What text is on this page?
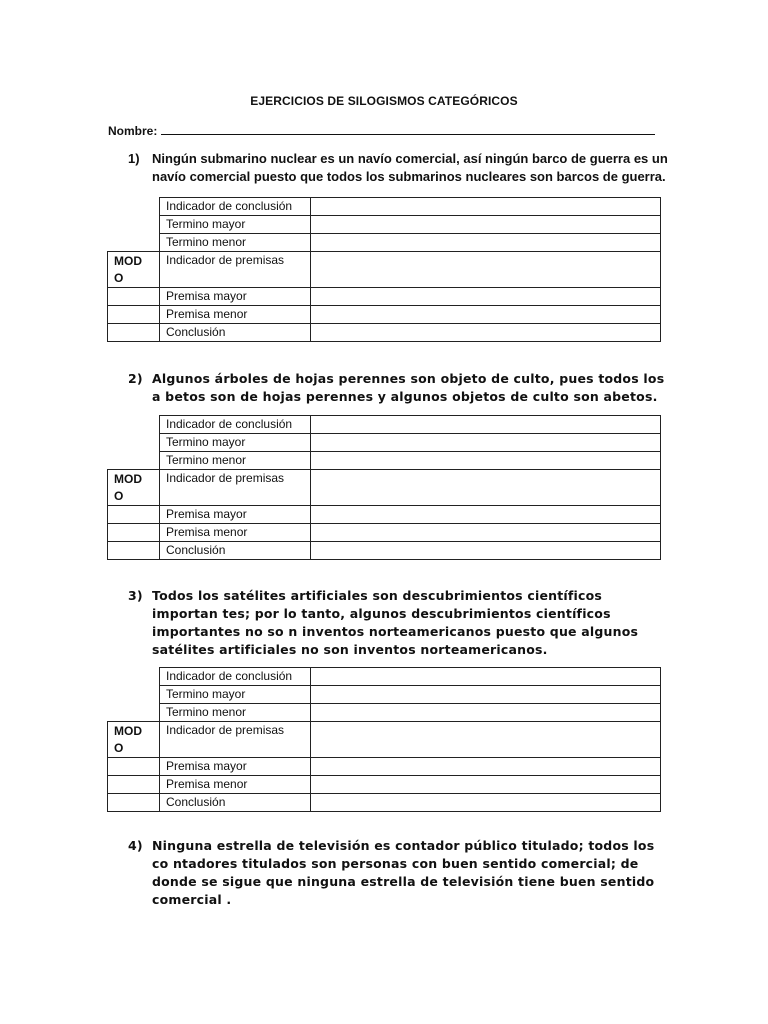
EJERCICIOS DE SILOGISMOS CATEGÓRICOS
Nombre:
1) Ningún submarino nuclear es un navío comercial, así ningún barco de guerra es un navío comercial puesto que todos los submarinos nucleares son barcos de guerra.
	Indicador de conclusión	
	Termino mayor	
	Termino menor	
MOD
O	Indicador de premisas	
	Premisa mayor	
	Premisa menor	
	Conclusión	
2) Algunos árboles de hojas perennes son objeto de culto, pues todos los a betos son de hojas perennes y algunos objetos de culto son abetos.
	Indicador de conclusión	
	Termino mayor	
	Termino menor	
MOD
O	Indicador de premisas	
	Premisa mayor	
	Premisa menor	
	Conclusión	
3) Todos los satélites artificiales son descubrimientos científicos importan tes; por lo tanto, algunos descubrimientos científicos importantes no so n inventos norteamericanos puesto que algunos satélites artificiales no son inventos norteamericanos.
	Indicador de conclusión	
	Termino mayor	
	Termino menor	
MOD
O	Indicador de premisas	
	Premisa mayor	
	Premisa menor	
	Conclusión	
4) Ninguna estrella de televisión es contador público titulado; todos los co ntadores titulados son personas con buen sentido comercial; de donde se sigue que ninguna estrella de televisión tiene buen sentido comercial .
